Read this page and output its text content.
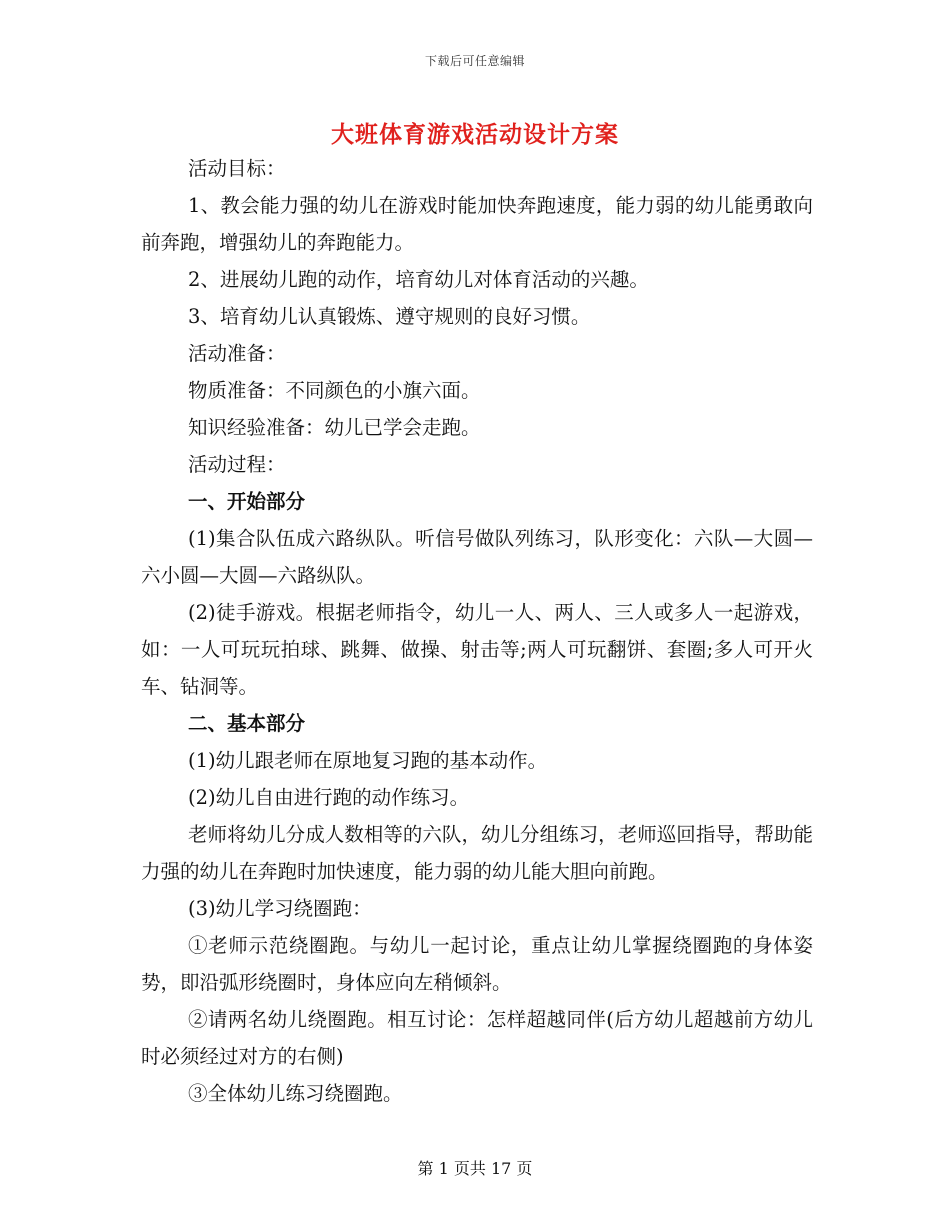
下载后可任意编辑
大班体育游戏活动设计方案

活动目标：

1、教会能力强的幼儿在游戏时能加快奔跑速度，能力弱的幼儿能勇敢向前奔跑，增强幼儿的奔跑能力。

2、进展幼儿跑的动作，培育幼儿对体育活动的兴趣。

3、培育幼儿认真锻炼、遵守规则的良好习惯。

活动准备：

物质准备：不同颜色的小旗六面。

知识经验准备：幼儿已学会走跑。

活动过程：

一、开始部分

(1)集合队伍成六路纵队。听信号做队列练习，队形变化：六队—大圆—六小圆—大圆—六路纵队。

(2)徒手游戏。根据老师指令，幼儿一人、两人、三人或多人一起游戏，如：一人可玩玩拍球、跳舞、做操、射击等;两人可玩翻饼、套圈;多人可开火车、钻洞等。

二、基本部分

(1)幼儿跟老师在原地复习跑的基本动作。

(2)幼儿自由进行跑的动作练习。

老师将幼儿分成人数相等的六队，幼儿分组练习，老师巡回指导，帮助能力强的幼儿在奔跑时加快速度，能力弱的幼儿能大胆向前跑。

(3)幼儿学习绕圈跑：

①老师示范绕圈跑。与幼儿一起讨论，重点让幼儿掌握绕圈跑的身体姿势，即沿弧形绕圈时，身体应向左稍倾斜。

②请两名幼儿绕圈跑。相互讨论：怎样超越同伴(后方幼儿超越前方幼儿时必须经过对方的右侧)

③全体幼儿练习绕圈跑。

第 1 页共 17 页
